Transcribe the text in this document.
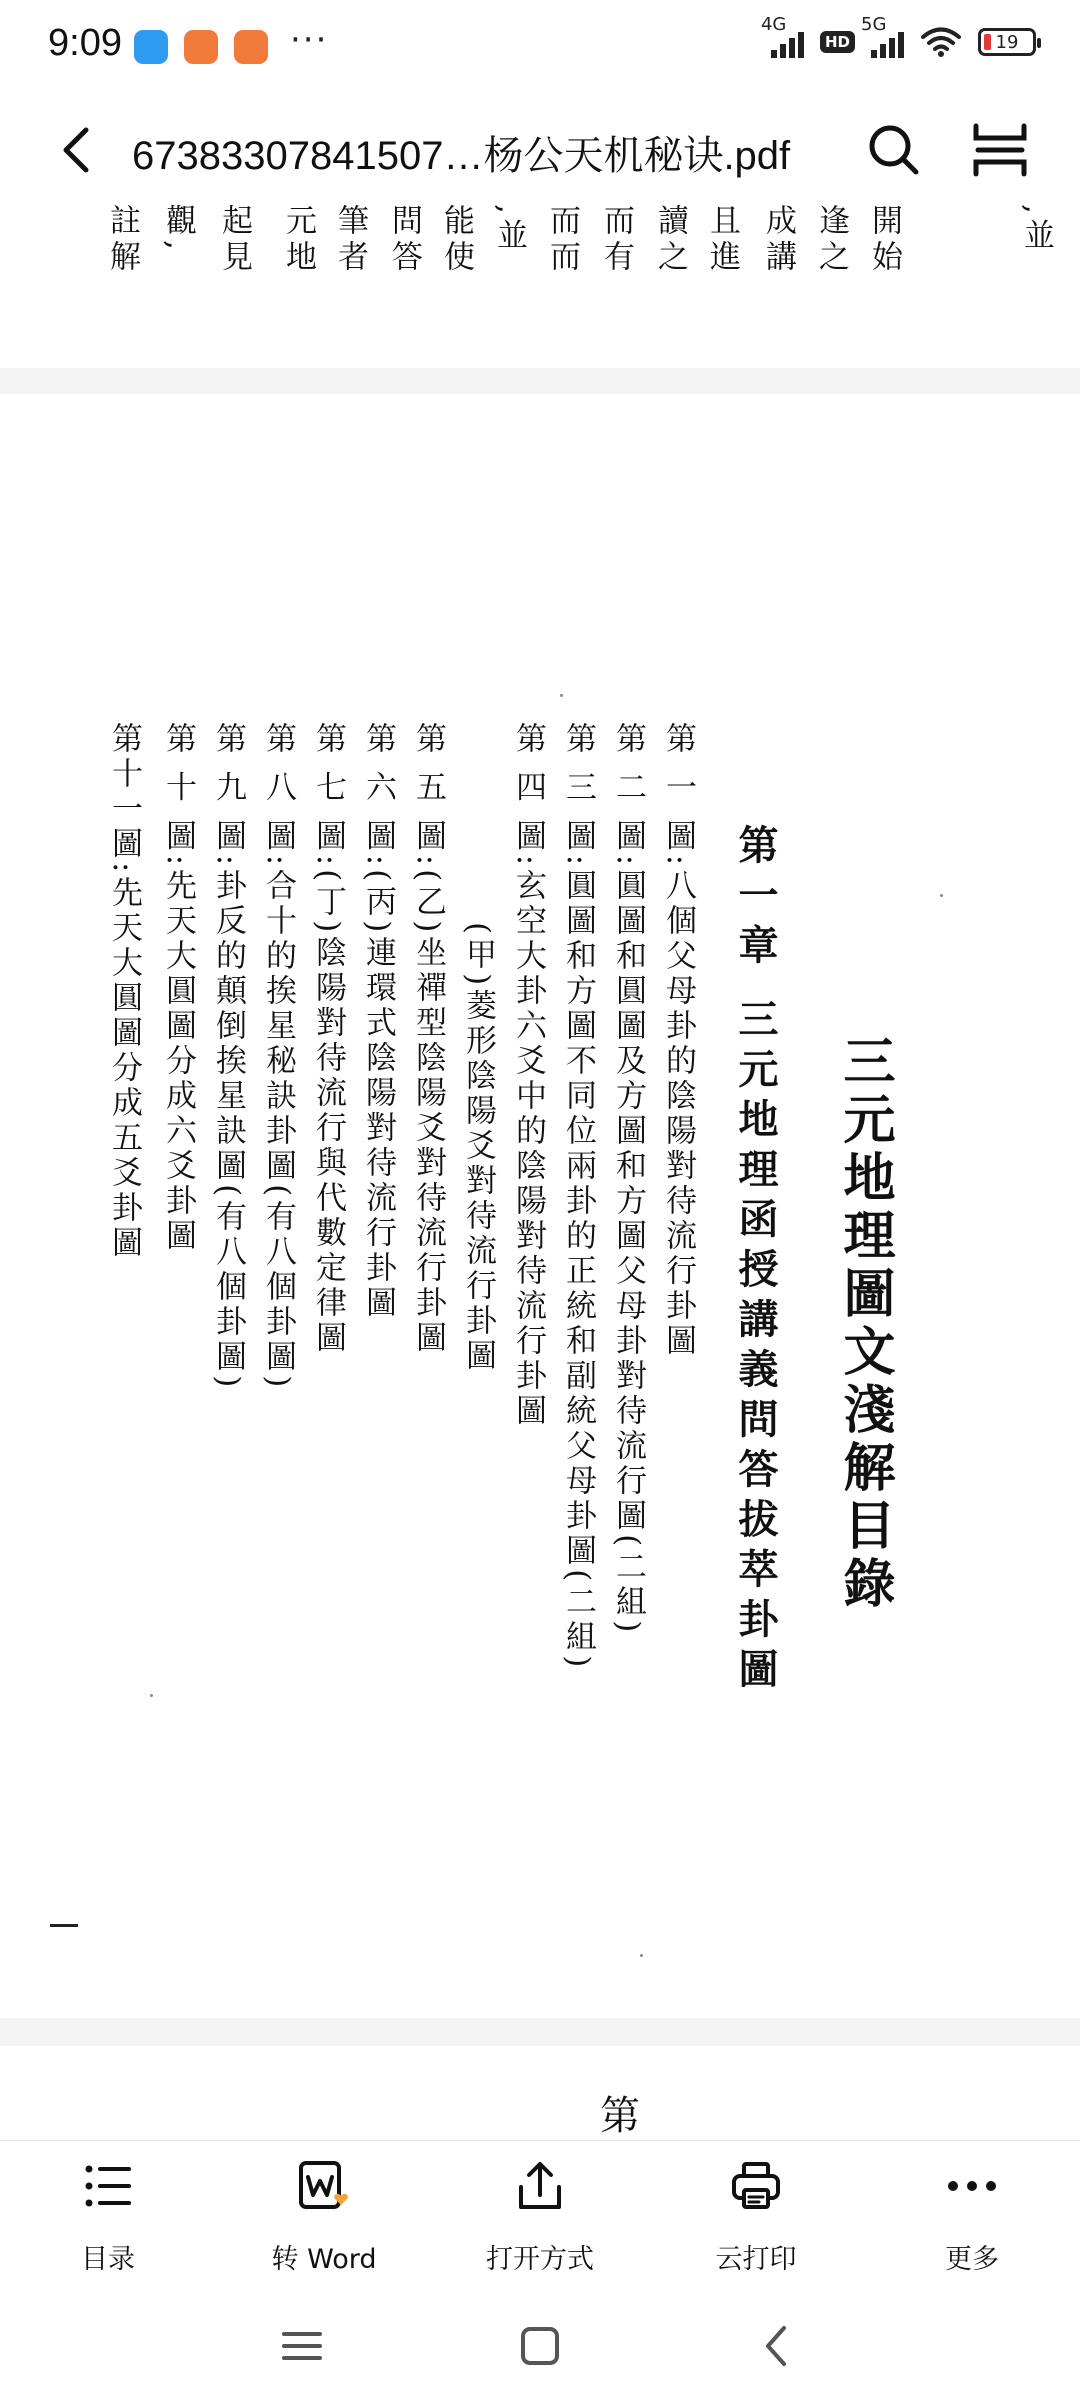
9:09	···	4G
HD
5G
19
67383307841507…杨公天机秘诀.pdf
,並
開始
逢之
成講
且進
讀之
而有
而而
,並
能使
問答
筆者
元地
起見
觀,
註解
三元地理圖文淺解目錄
第一章 三元地理函授講義問答拔萃卦圖
第 一 圖:八個父母卦的陰陽對待流行卦圖
第 二 圖:圓圖和圓圖及方圖和方圖父母卦對待流行圖(二組)
第 三 圖:圓圖和方圖不同位兩卦的正統和副統父母卦圖(二組)
第 四 圖:玄空大卦六爻中的陰陽對待流行卦圖
(甲)菱形陰陽爻對待流行卦圖
第 五 圖:(乙)坐禪型陰陽爻對待流行卦圖
第 六 圖:(丙)連環式陰陽對待流行卦圖
第 七 圖:(丁)陰陽對待流行與代數定律圖
第 八 圖:合十的挨星秘訣卦圖(有八個卦圖)
第 九 圖:卦反的顛倒挨星訣圖(有八個卦圖)
第 十 圖:先天大圓圖分成六爻卦圖
第十一圖:先天大圓圖分成五爻卦圖
第
目录	转 Word	打开方式	云打印	更多
